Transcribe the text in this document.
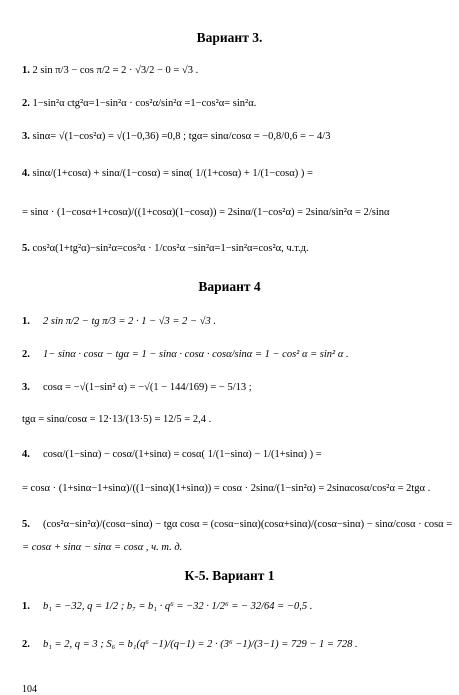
Вариант 3.
1. 2 sin π/3 − cos π/2 = 2 · √3/2 − 0 = √3 .
2. 1−sin²α ctg²α=1−sin²α · cos²α/sin²α =1−cos²α= sin²α.
3. sinα= √(1−cos²α) = √(1−0,36) =0,8 ; tgα= sinα/cosα = −0,8/0,6 = − 4/3
4. sinα/(1+cosα) + sinα/(1−cosα) = sinα( 1/(1+cosα) + 1/(1−cosα) ) =
= sinα · (1−cosα+1+cosα)/((1+cosα)(1−cosα)) = 2sinα/(1−cos²α) = 2sinα/sin²α = 2/sinα
5. cos²α(1+tg²α)−sin²α=cos²α · 1/cos²α −sin²α=1−sin²α=cos²α, ч.т.д.
Вариант 4
1. 2 sin π/2 − tg π/3 = 2 · 1 − √3 = 2 − √3 .
2. 1− sinα · cosα − tgα = 1 − sinα · cosα · cosα/sinα = 1 − cos² α = sin² α .
3. cosα = −√(1−sin² α) = −√(1 − 144/169) = − 5/13 ;
tgα = sinα/cosα = 12·13/(13·5) = 12/5 = 2,4 .
4. cosα/(1−sinα) − cosα/(1+sinα) = cosα( 1/(1−sinα) − 1/(1+sinα) ) =
= cosα · (1+sinα−1+sinα)/((1−sinα)(1+sinα)) = cosα · 2sinα/(1−sin²α) = 2sinαcosα/cos²α = 2tgα .
5. (cos²α−sin²α)/(cosα−sinα) − tgα cosα = (cosα−sinα)(cosα+sinα)/(cosα−sinα) − sinα/cosα · cosα =
= cosα + sinα − sinα = cosα , ч. т. д.
К-5. Вариант 1
1. b₁ = −32, q = 1/2 ; b₇ = b₁ · q⁶ = −32 · 1/2⁶ = − 32/64 = −0,5 .
2. b₁ = 2, q = 3 ; S₆ = b₁(q⁶ −1)/(q−1) = 2 · (3⁶ −1)/(3−1) = 729 − 1 = 728 .
104
